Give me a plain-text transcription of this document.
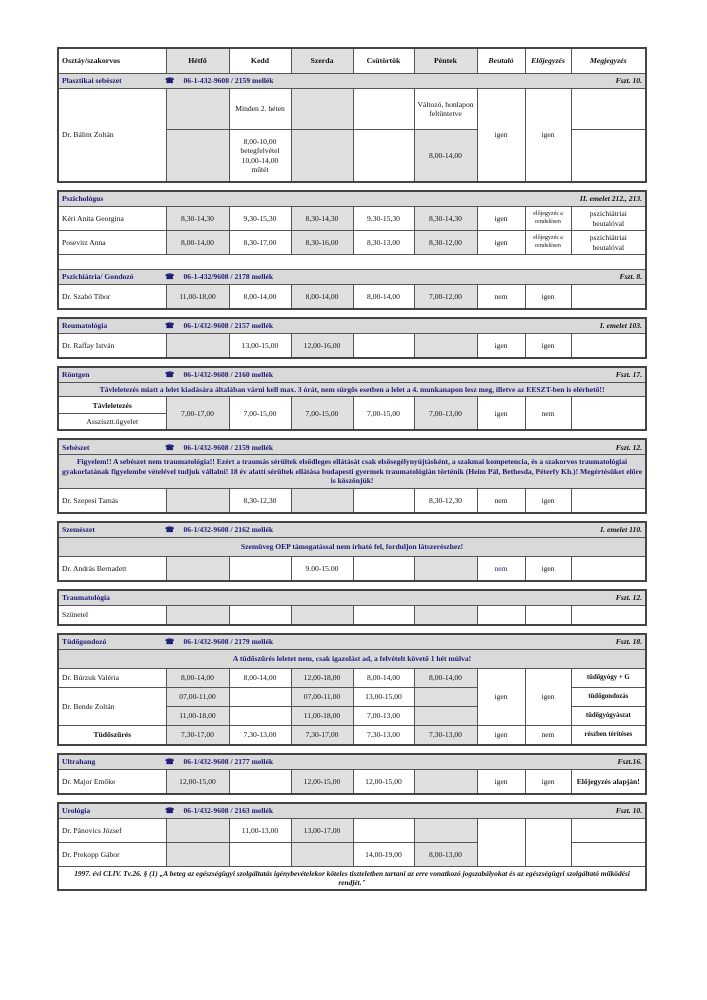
Osztáy/szakorvos	Hétfő	Kedd	Szerda	Csütörtök	Péntek	Beutaló	Előjegyzés	Megjegyzés

Plasztikai sebészet ☎ 06-1-432-9608 / 2159 mellék Fszt. 10.								

Dr. Bálint Zoltán		Minden 2. héten			Változó, honlapon feltüntetve	igen	igen	

		8,00-10,00
betegfelvétel
10,00-14,00
műtét			8,00-14,00			
Pszichológus II. emelet 212., 213.								

Kéri Anita Georgina	8,30-14,30	9,30-15,30	8,30-14,30	9,30-15,30	8,30-14,30	igen	előjegyzés a rendelésen	pszichiátriai beutalóval
Posevitz Anna	8,00-14,00	8,30-17,00	8,30-16,00	8,30-13,00	8,30-12,00	igen	előjegyzés a rendelésen	pszichiátriai beutalóval

Pszichiátria/ Gondozó ☎ 06-1-432/9608 / 2178 mellék Fszt. 8.								

Dr. Szabó Tibor	11,00-18,00	8,00-14,00	8,00-14,00	8,00-14,00	7,00-12,00	nem	igen	
Reumatológia	☎ 06-1/432-9608 / 2157 mellék	I. emelet 103.

Dr. Raffay István		13,00-15,00	12,00-16,00			igen	igen	
Röntgen	☎ 06-1/432-9608 / 2160 mellék	Fszt. 17.

Távleletezés miatt a lelet kiadására általában várni kell max. 3 órát, nem sürgős esetben a lelet a 4. munkanapon lesz meg, illetve az EESZT-ben is elérhető!!
Távleletezés	7,00-17,00	7,00-15,00	7,00-15,00	7,00-15,00	7,00-13,00	igen	nem	
Asszisztt.ügyelet
Sebészet	☎ 06-1/432-9608 / 2159 mellék	Fszt. 12.

Figyelem!! A sebészet nem traumatológia!! Ezért a traumás sérültek elsődleges ellátását csak elsősegélynyújtásként, a szakmai kompetencia, és a szakorvos traumatológiai gyakorlatának figyelembe vételével tudjuk vállalni! 18 év alatti sérültek ellátása budapesti gyermek traumatológián történik (Heim Pál, Bethesda, Péterfy Kh.)! Megértésüket előre is köszönjük!
Dr. Szepesi Tamás		8,30-12,30			8,30-12,30	nem	igen	
Szemészet	☎ 06-1/432-9608 / 2162 mellék	I. emelet 110.

Szemüveg OEP támogatással nem írható fel, forduljon látszerészhez!
Dr. András Bernadett			9.00-15.00			nem	igen	
Traumatológia	Fszt. 12.

Szünetel								
Tüdőgondozó ☎ 06-1/432-9608 / 2179 mellék Fszt. 18.								

A tüdőszűrés leletet nem, csak igazolást ad, a felvételt követő 1 hét múlva!								
Dr. Búrzuk Valéria	8,00-14,00	8,00-14,00	12,00-18,00	8,00-14,00	8,00-14,00	igen	igen	tüdőgyógy + G
Dr. Bende Zoltán	07,00-11,00		07,00-11,00	13,00-15,00				tüdőgondozás
	11,00-18,00		11,00-18,00	7,00-13,00				tüdőgyógyászat
Tüdőszűrés	7,30-17,00	7,30-13,00	7,30-17,00	7,30-13,00	7,30-13,00	igen	nem	részben térítéses
Ultrahang	☎ 06-1/432-9608 / 2177 mellék	Fszt.16.

Dr. Major Emőke	12,00-15,00		12,00-15,00	12,00-15,00		igen	igen	Előjegyzés alapján!
Urológia ☎ 06-1/432-9608 / 2163 mellék Fszt. 10.								

Dr. Pánovics József		11,00-13,00	13,00-17,00					
Dr. Prekopp Gábor				14,00-19,00	8,00-13,00			
1997. évi CLIV. Tv.26. § (1) „A beteg az egészségügyi szolgáltatás igénybevételekor köteles tiszteletben tartani az erre vonatkozó jogszabályokat és az egészségügyi szolgáltató működési rendjét."								
